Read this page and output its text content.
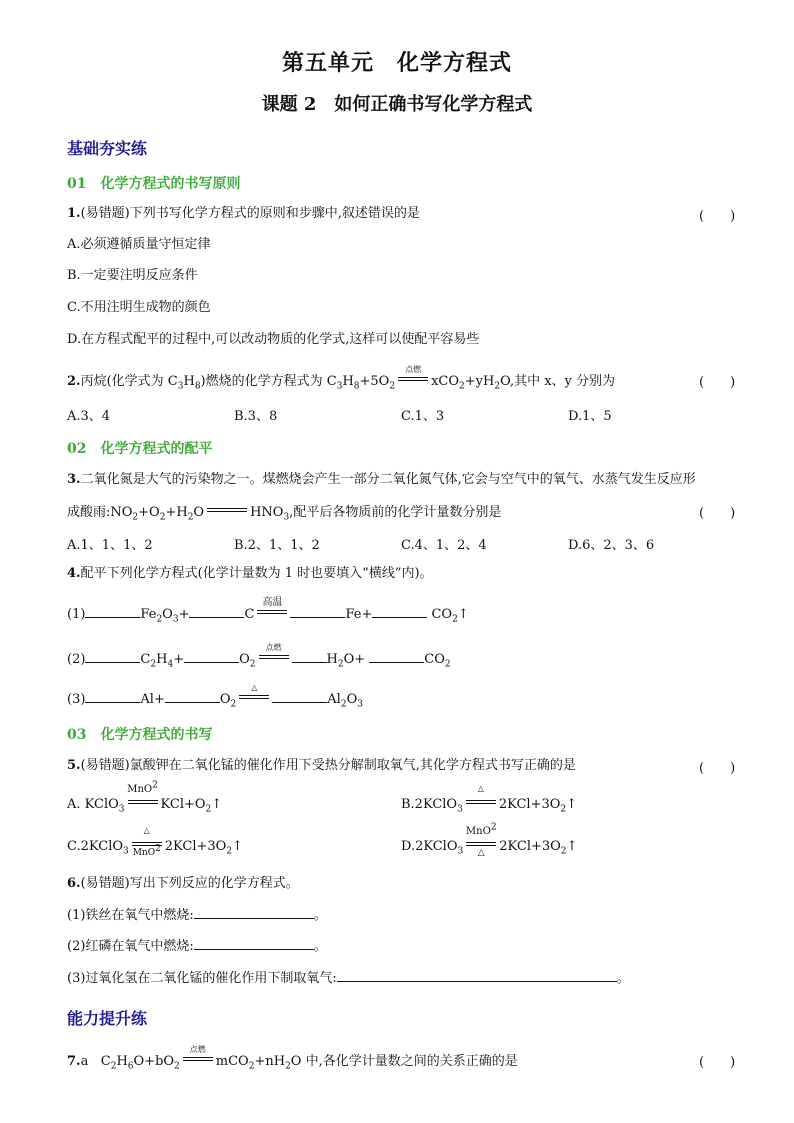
第五单元　化学方程式
课题 2　如何正确书写化学方程式
基础夯实练
01　化学方程式的书写原则
1.(易错题)下列书写化学方程式的原则和步骤中,叙述错误的是	(　　)
A.必须遵循质量守恒定律
B.一定要注明反应条件
C.不用注明生成物的颜色
D.在方程式配平的过程中,可以改动物质的化学式,这样可以使配平容易些
2.丙烷(化学式为 $C_3H_8$)燃烧的化学方程式为 $C_3H_8+5O_2$
点燃
$xCO_2+yH_2O$,其中 x、y 分别为	(　　)
A.3、4	B.3、8	C.1、3	D.1、5
02　化学方程式的配平
3.二氧化氮是大气的污染物之一。煤燃烧会产生一部分二氧化氮气体,它会与空气中的氧气、水蒸气发生反应形
成酸雨$:NO_2+O_2+H_2O$	$HNO_3$,配平后各物质前的化学计量数分别是	(　　)
A.1、1、1、2	B.2、1、1、2	C.4、1、2、4	D.6、2、3、6
4.配平下列化学方程式(化学计量数为 1 时也要填入“横线”内)。
(1)	$Fe_2O_3+$	C
高温
Fe+	$CO_2↑$
(2)	$C_2H_4+$	$O_2$
点燃
$H_2O+$	$CO_2$
(3)	Al+	$O_2$
△
$Al_2O_3$
03　化学方程式的书写
5.(易错题)氯酸钾在二氧化锰的催化作用下受热分解制取氧气,其化学方程式书写正确的是	(　　)
A. KClO$_3$
MnO$^2$
$KCl+O_2↑$	B.2KClO$_3$
△
$2KCl+3O_2↑$
C.2KClO$_3$
△
MnO$^2$ $2KCl+3O_2↑$	D.2KClO$_3$
MnO$^2$
△	$2KCl+3O_2↑$
6.(易错题)写出下列反应的化学方程式。
(1)铁丝在氧气中燃烧:	。
(2)红磷在氧气中燃烧:	。
(3)过氧化氢在二氧化锰的催化作用下制取氧气:	。
能力提升练
7.a $C_2H_6O+bO_2$
点燃
$mCO_2+nH_2O$ 中,各化学计量数之间的关系正确的是	(　　)
